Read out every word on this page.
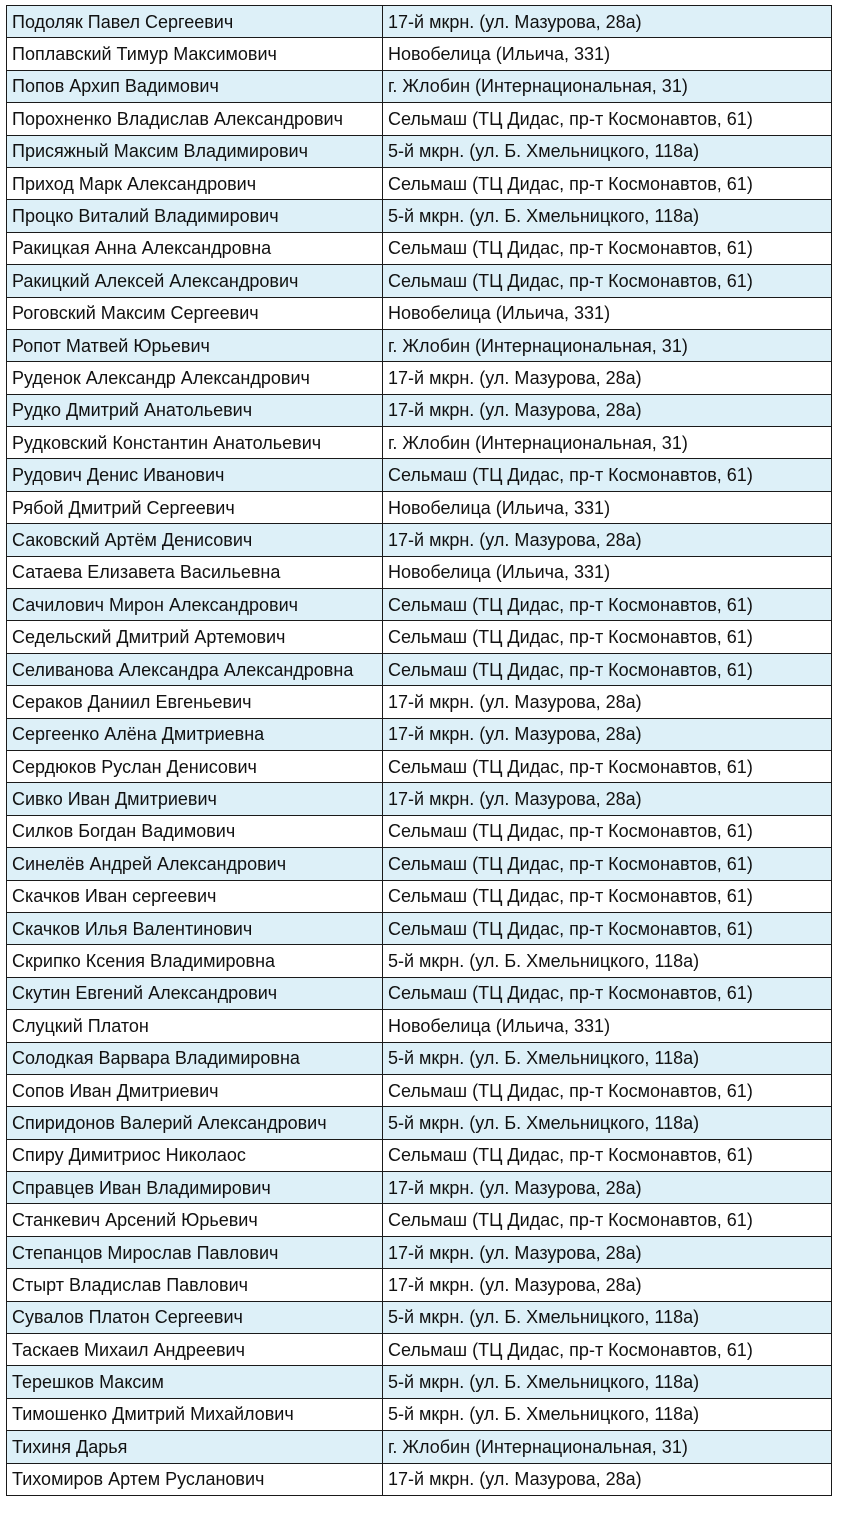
Подоляк Павел Сергеевич	17-й мкрн. (ул. Мазурова, 28а)
Поплавский Тимур Максимович	Новобелица (Ильича, 331)
Попов Архип Вадимович	г. Жлобин (Интернациональная, 31)
Порохненко Владислав Александрович	Сельмаш (ТЦ Дидас, пр-т Космонавтов, 61)
Присяжный Максим Владимирович	5-й мкрн. (ул. Б. Хмельницкого, 118а)
Приход Марк Александрович	Сельмаш (ТЦ Дидас, пр-т Космонавтов, 61)
Процко Виталий Владимирович	5-й мкрн. (ул. Б. Хмельницкого, 118а)
Ракицкая Анна Александровна	Сельмаш (ТЦ Дидас, пр-т Космонавтов, 61)
Ракицкий Алексей Александрович	Сельмаш (ТЦ Дидас, пр-т Космонавтов, 61)
Роговский Максим Сергеевич	Новобелица (Ильича, 331)
Ропот Матвей Юрьевич	г. Жлобин (Интернациональная, 31)
Руденок Александр Александрович	17-й мкрн. (ул. Мазурова, 28а)
Рудко Дмитрий Анатольевич	17-й мкрн. (ул. Мазурова, 28а)
Рудковский Константин Анатольевич	г. Жлобин (Интернациональная, 31)
Рудович Денис Иванович	Сельмаш (ТЦ Дидас, пр-т Космонавтов, 61)
Рябой Дмитрий Сергеевич	Новобелица (Ильича, 331)
Саковский Артём Денисович	17-й мкрн. (ул. Мазурова, 28а)
Сатаева Елизавета Васильевна	Новобелица (Ильича, 331)
Сачилович Мирон Александрович	Сельмаш (ТЦ Дидас, пр-т Космонавтов, 61)
Седельский Дмитрий Артемович	Сельмаш (ТЦ Дидас, пр-т Космонавтов, 61)
Селиванова Александра Александровна	Сельмаш (ТЦ Дидас, пр-т Космонавтов, 61)
Сераков Даниил Евгеньевич	17-й мкрн. (ул. Мазурова, 28а)
Сергеенко Алёна Дмитриевна	17-й мкрн. (ул. Мазурова, 28а)
Сердюков Руслан Денисович	Сельмаш (ТЦ Дидас, пр-т Космонавтов, 61)
Сивко Иван Дмитриевич	17-й мкрн. (ул. Мазурова, 28а)
Силков Богдан Вадимович	Сельмаш (ТЦ Дидас, пр-т Космонавтов, 61)
Синелёв Андрей Александрович	Сельмаш (ТЦ Дидас, пр-т Космонавтов, 61)
Скачков Иван сергеевич	Сельмаш (ТЦ Дидас, пр-т Космонавтов, 61)
Скачков Илья Валентинович	Сельмаш (ТЦ Дидас, пр-т Космонавтов, 61)
Скрипко Ксения Владимировна	5-й мкрн. (ул. Б. Хмельницкого, 118а)
Скутин Евгений Александрович	Сельмаш (ТЦ Дидас, пр-т Космонавтов, 61)
Слуцкий Платон	Новобелица (Ильича, 331)
Солодкая Варвара Владимировна	5-й мкрн. (ул. Б. Хмельницкого, 118а)
Сопов Иван Дмитриевич	Сельмаш (ТЦ Дидас, пр-т Космонавтов, 61)
Спиридонов Валерий Александрович	5-й мкрн. (ул. Б. Хмельницкого, 118а)
Спиру Димитриос Николаос	Сельмаш (ТЦ Дидас, пр-т Космонавтов, 61)
Справцев Иван Владимирович	17-й мкрн. (ул. Мазурова, 28а)
Станкевич Арсений Юрьевич	Сельмаш (ТЦ Дидас, пр-т Космонавтов, 61)
Степанцов Мирослав Павлович	17-й мкрн. (ул. Мазурова, 28а)
Стырт Владислав Павлович	17-й мкрн. (ул. Мазурова, 28а)
Сувалов Платон Сергеевич	5-й мкрн. (ул. Б. Хмельницкого, 118а)
Таскаев Михаил Андреевич	Сельмаш (ТЦ Дидас, пр-т Космонавтов, 61)
Терешков Максим	5-й мкрн. (ул. Б. Хмельницкого, 118а)
Тимошенко Дмитрий Михайлович	5-й мкрн. (ул. Б. Хмельницкого, 118а)
Тихиня Дарья	г. Жлобин (Интернациональная, 31)
Тихомиров Артем Русланович	17-й мкрн. (ул. Мазурова, 28а)
